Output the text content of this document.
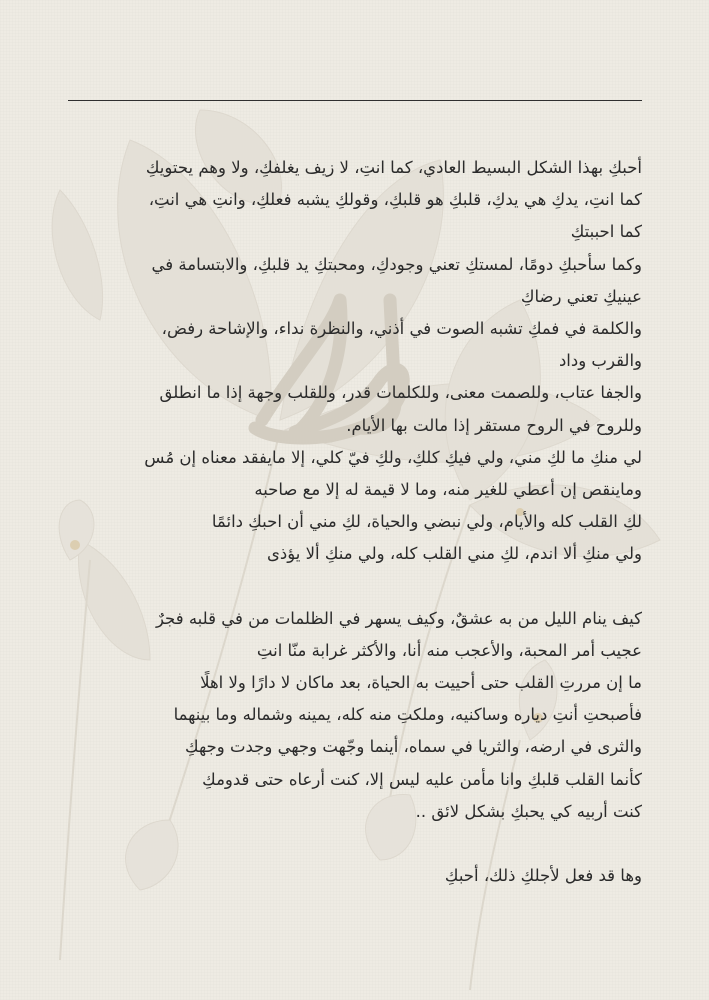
أحبكِ بهذا الشكل البسيط العادي، كما انتِ، لا زيف يغلفكِ، ولا وهم يحتويكِ
كما انتِ، يدكِ هي يدكِ، قلبكِ هو قلبكِ، وقولكِ يشبه فعلكِ، وانتِ هي انتِ،
كما احببتكِ
وكما سأحبكِ دومًا، لمستكِ تعني وجودكِ، ومحبتكِ يد قلبكِ، والابتسامة في
عينيكِ تعني رضاكِ
والكلمة في فمكِ تشبه الصوت في أذني، والنظرة نداء، والإشاحة رفض،
والقرب وداد
والجفا عتاب، وللصمت معنى، وللكلمات قدر، وللقلب وجهة إذا ما انطلق
وللروح في الروح مستقر إذا مالت بها الأيام.
لي منكِ ما لكِ مني، ولي فيكِ كلكِ، ولكِ فيّ كلي، إلا مايفقد معناه إن مُس
وماينقص إن أعطي للغير منه، وما لا قيمة له إلا مع صاحبه
لكِ القلب كله والأيام، ولي نبضي والحياة، لكِ مني أن احبكِ دائمًا
ولي منكِ ألا اندم، لكِ مني القلب كله، ولي منكِ ألا يؤذى
كيف ينام الليل من به عشقٌ، وكيف يسهر في الظلمات من في قلبه فجرٌ
عجيب أمر المحبة، والأعجب منه أنا، والأكثر غرابة منّا انتِ
ما إن مررتِ القلب حتى أحييت به الحياة، بعد ماكان لا دارًا ولا اهلًا
فأصبحتِ أنتِ دياره وساكنيه، وملكتِ منه كله، يمينه وشماله وما بينهما
والثرى في ارضه، والثريا في سماه، أينما وجّهت وجهي وجدت وجهكِ
كأنما القلب قلبكِ وانا مأمن عليه ليس إلا، كنت أرعاه حتى قدومكِ
كنت أربيه كي يحبكِ بشكل لائق ..
وها قد فعل لأجلكِ ذلك، أحبكِ
